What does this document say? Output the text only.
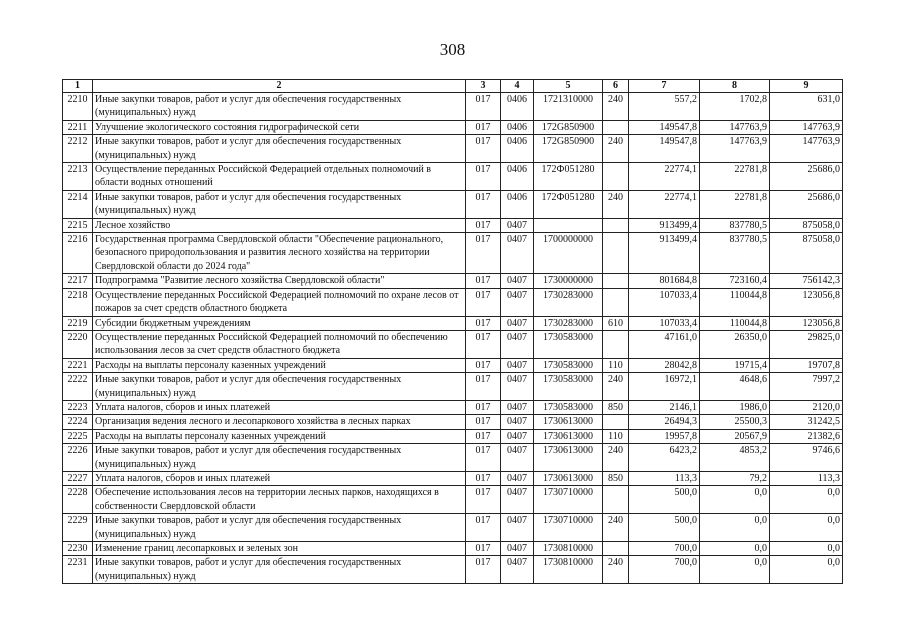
308
1	2	3	4	5	6	7	8	9
2210	Иные закупки товаров, работ и услуг для обеспечения государственных (муниципальных) нужд	017	0406	1721310000	240	557,2	1702,8	631,0
2211	Улучшение экологического состояния гидрографической сети	017	0406	172G850900		149547,8	147763,9	147763,9
2212	Иные закупки товаров, работ и услуг для обеспечения государственных (муниципальных) нужд	017	0406	172G850900	240	149547,8	147763,9	147763,9
2213	Осуществление переданных Российской Федерацией отдельных полномочий в области водных отношений	017	0406	172Ф051280		22774,1	22781,8	25686,0
2214	Иные закупки товаров, работ и услуг для обеспечения государственных (муниципальных) нужд	017	0406	172Ф051280	240	22774,1	22781,8	25686,0
2215	Лесное хозяйство	017	0407			913499,4	837780,5	875058,0
2216	Государственная программа Свердловской области "Обеспечение рационального, безопасного природопользования и развития лесного хозяйства на территории Свердловской области до 2024 года"	017	0407	1700000000		913499,4	837780,5	875058,0
2217	Подпрограмма "Развитие лесного хозяйства Свердловской области"	017	0407	1730000000		801684,8	723160,4	756142,3
2218	Осуществление переданных Российской Федерацией полномочий по охране лесов от пожаров за счет средств областного бюджета	017	0407	1730283000		107033,4	110044,8	123056,8
2219	Субсидии бюджетным учреждениям	017	0407	1730283000	610	107033,4	110044,8	123056,8
2220	Осуществление переданных Российской Федерацией полномочий по обеспечению использования лесов за счет средств областного бюджета	017	0407	1730583000		47161,0	26350,0	29825,0
2221	Расходы на выплаты персоналу казенных учреждений	017	0407	1730583000	110	28042,8	19715,4	19707,8
2222	Иные закупки товаров, работ и услуг для обеспечения государственных (муниципальных) нужд	017	0407	1730583000	240	16972,1	4648,6	7997,2
2223	Уплата налогов, сборов и иных платежей	017	0407	1730583000	850	2146,1	1986,0	2120,0
2224	Организация ведения лесного и лесопаркового хозяйства в лесных парках	017	0407	1730613000		26494,3	25500,3	31242,5
2225	Расходы на выплаты персоналу казенных учреждений	017	0407	1730613000	110	19957,8	20567,9	21382,6
2226	Иные закупки товаров, работ и услуг для обеспечения государственных (муниципальных) нужд	017	0407	1730613000	240	6423,2	4853,2	9746,6
2227	Уплата налогов, сборов и иных платежей	017	0407	1730613000	850	113,3	79,2	113,3
2228	Обеспечение использования лесов на территории лесных парков, находящихся в собственности Свердловской области	017	0407	1730710000		500,0	0,0	0,0
2229	Иные закупки товаров, работ и услуг для обеспечения государственных (муниципальных) нужд	017	0407	1730710000	240	500,0	0,0	0,0
2230	Изменение границ лесопарковых и зеленых зон	017	0407	1730810000		700,0	0,0	0,0
2231	Иные закупки товаров, работ и услуг для обеспечения государственных (муниципальных) нужд	017	0407	1730810000	240	700,0	0,0	0,0
